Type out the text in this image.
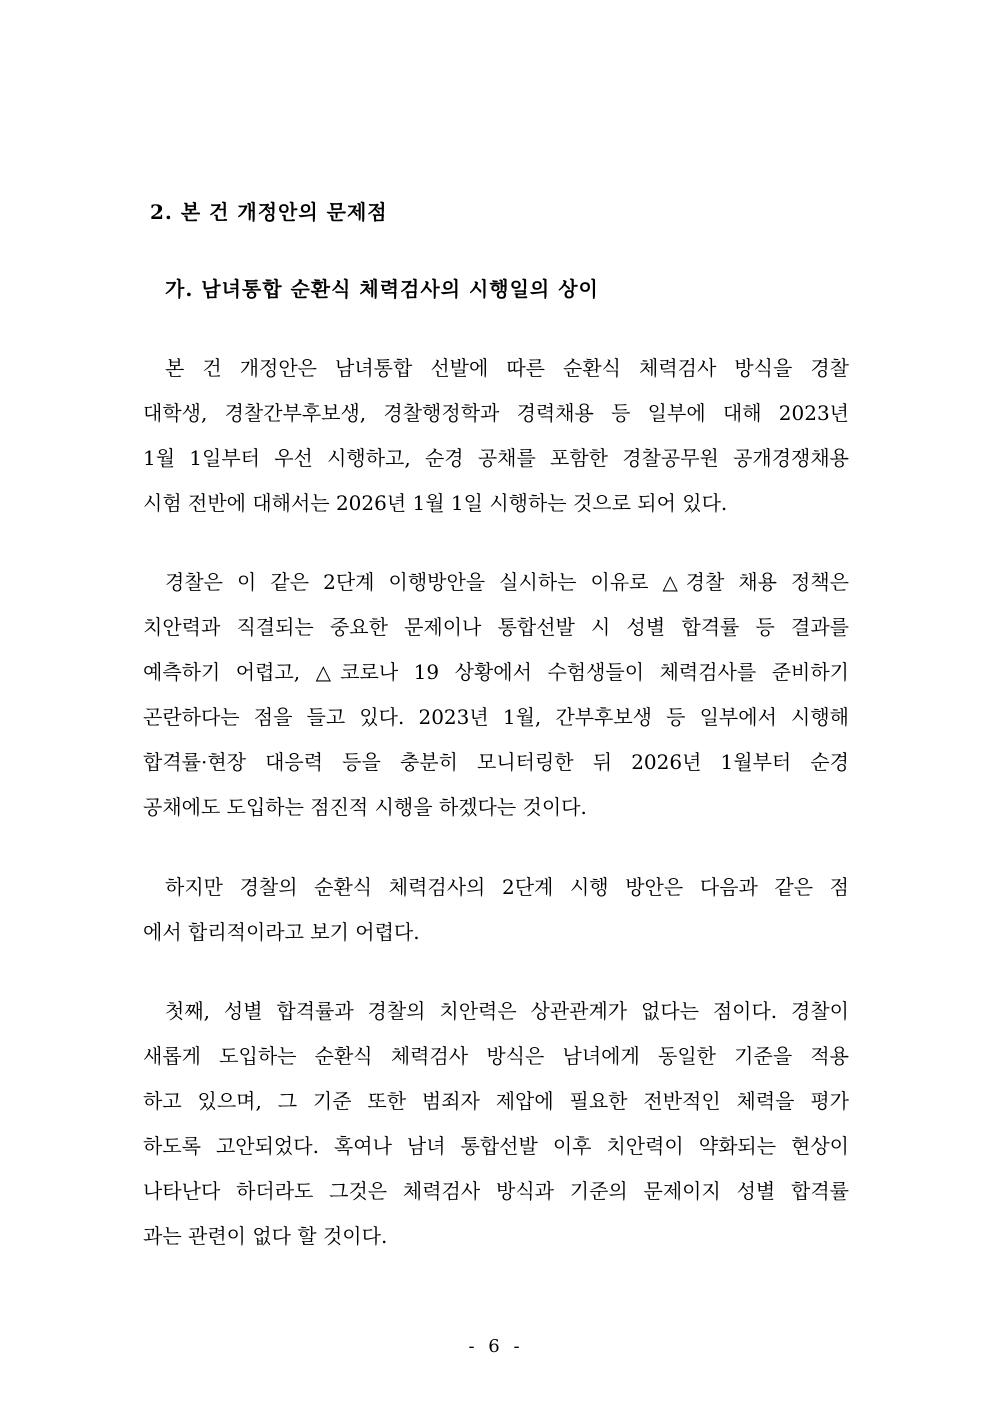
2. 본 건 개정안의 문제점
가. 남녀통합 순환식 체력검사의 시행일의 상이
본 건 개정안은 남녀통합 선발에 따른 순환식 체력검사 방식을 경찰
대학생, 경찰간부후보생, 경찰행정학과 경력채용 등 일부에 대해 2023년
1월 1일부터 우선 시행하고, 순경 공채를 포함한 경찰공무원 공개경쟁채용
시험 전반에 대해서는 2026년 1월 1일 시행하는 것으로 되어 있다.
경찰은 이 같은 2단계 이행방안을 실시하는 이유로 △경찰 채용 정책은
치안력과 직결되는 중요한 문제이나 통합선발 시 성별 합격률 등 결과를
예측하기 어렵고, △코로나 19 상황에서 수험생들이 체력검사를 준비하기
곤란하다는 점을 들고 있다. 2023년 1월, 간부후보생 등 일부에서 시행해
합격률·현장 대응력 등을 충분히 모니터링한 뒤 2026년 1월부터 순경
공채에도 도입하는 점진적 시행을 하겠다는 것이다.
하지만 경찰의 순환식 체력검사의 2단계 시행 방안은 다음과 같은 점
에서 합리적이라고 보기 어렵다.
첫째, 성별 합격률과 경찰의 치안력은 상관관계가 없다는 점이다. 경찰이
새롭게 도입하는 순환식 체력검사 방식은 남녀에게 동일한 기준을 적용
하고 있으며, 그 기준 또한 범죄자 제압에 필요한 전반적인 체력을 평가
하도록 고안되었다. 혹여나 남녀 통합선발 이후 치안력이 약화되는 현상이
나타난다 하더라도 그것은 체력검사 방식과 기준의 문제이지 성별 합격률
과는 관련이 없다 할 것이다.
- 6 -
